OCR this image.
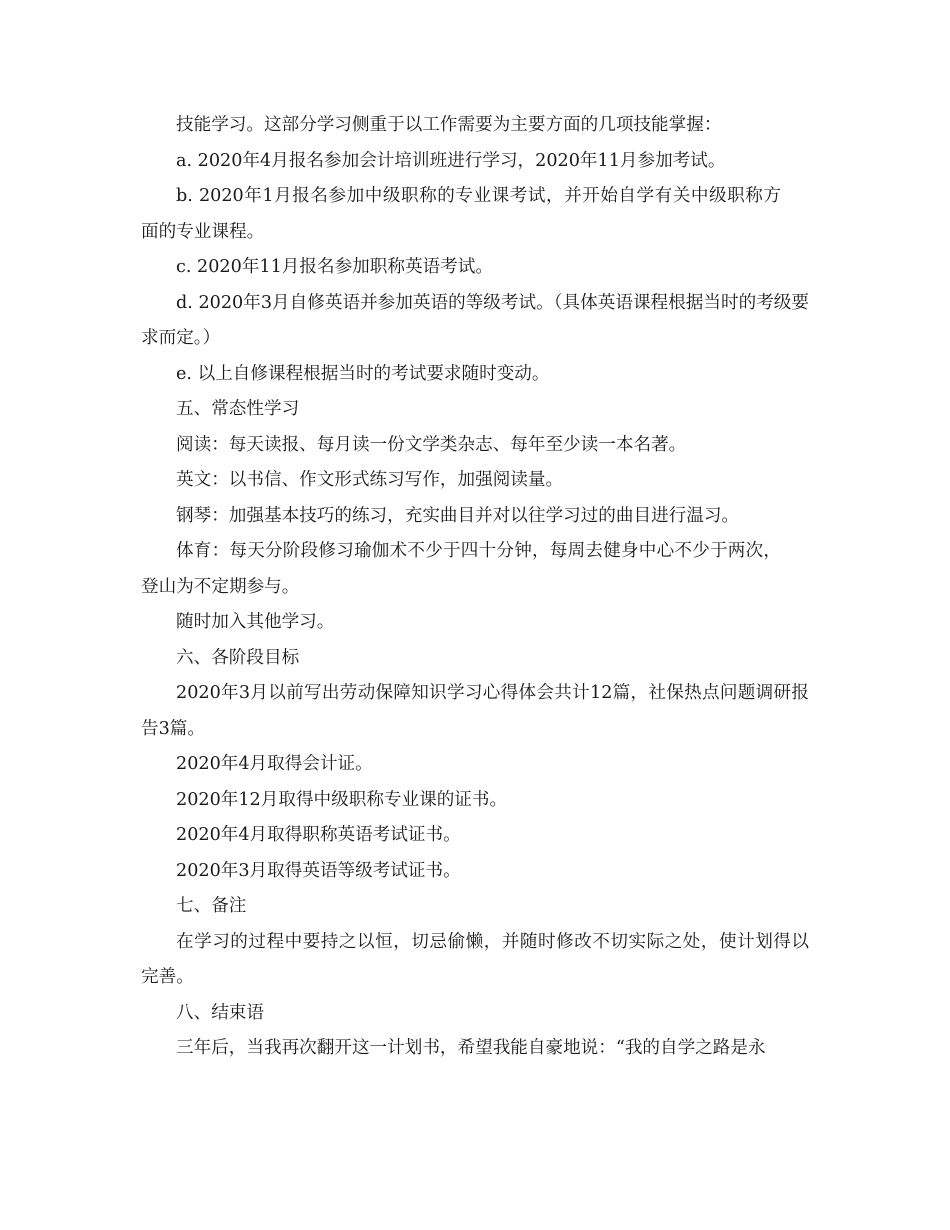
技能学习。这部分学习侧重于以工作需要为主要方面的几项技能掌握：

a. 2020年4月报名参加会计培训班进行学习，2020年11月参加考试。

b. 2020年1月报名参加中级职称的专业课考试，并开始自学有关中级职称方面的专业课程。

c. 2020年11月报名参加职称英语考试。

d. 2020年3月自修英语并参加英语的等级考试。（具体英语课程根据当时的考级要求而定。）

e. 以上自修课程根据当时的考试要求随时变动。

五、常态性学习

阅读：每天读报、每月读一份文学类杂志、每年至少读一本名著。

英文：以书信、作文形式练习写作，加强阅读量。

钢琴：加强基本技巧的练习，充实曲目并对以往学习过的曲目进行温习。

体育：每天分阶段修习瑜伽术不少于四十分钟，每周去健身中心不少于两次，登山为不定期参与。

随时加入其他学习。

六、各阶段目标

2020年3月以前写出劳动保障知识学习心得体会共计12篇，社保热点问题调研报告3篇。

2020年4月取得会计证。

2020年12月取得中级职称专业课的证书。

2020年4月取得职称英语考试证书。

2020年3月取得英语等级考试证书。

七、备注

在学习的过程中要持之以恒，切忌偷懒，并随时修改不切实际之处，使计划得以完善。

八、结束语

三年后，当我再次翻开这一计划书，希望我能自豪地说：“我的自学之路是永
